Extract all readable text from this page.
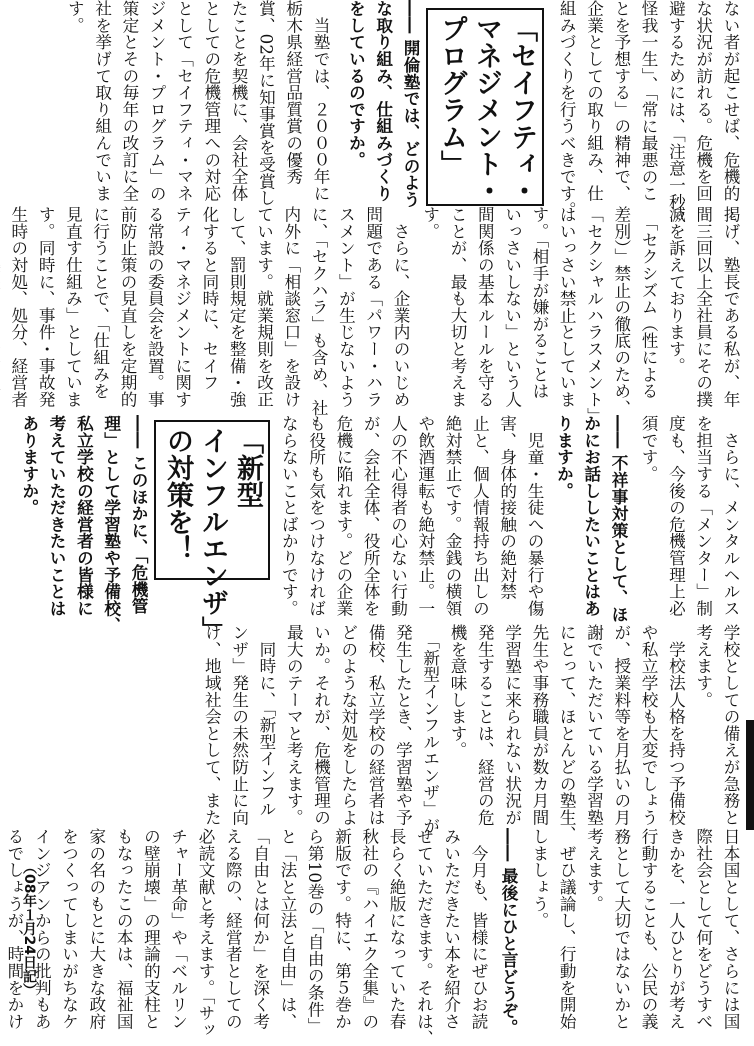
ない者が起こせば、危機的
な状況が訪れる。危機を回
避するためには、「注意一秒、
怪我一生」、「常に最悪のこ
とを予想する」の精神で、
企業としての取り組み、仕
組みづくりを行うべきです。
「セイフティ・
マネジメント・
プログラム」
―― 開倫塾では、どのよう
な取り組み、仕組みづくり
をしているのですか。
　当塾では、２０００年に
栃木県経営品質賞の優秀
賞、02年に知事賞を受賞し
たことを契機に、会社全体
としての危機管理への対応
として「セイフティ・マネ
ジメント・プログラム」の
策定とその毎年の改訂に全
社を挙げて取り組んでいま
す。
掲げ、塾長である私が、年
間三回以上全社員にその撲
滅を訴えております。
　「セクシズム（性による
差別）」禁止の徹底のため、
「セクシャルハラスメント」
はいっさい禁止としていま
す。「相手が嫌がることは
いっさいしない」という人
間関係の基本ルールを守る
ことが、最も大切と考えま
す。
　さらに、企業内のいじめ
問題である「パワー・ハラ
スメント」が生じないよう
に、「セクハラ」も含め、社
内外に「相談窓口」を設け
ています。就業規則を改正
して、罰則規定を整備・強
化すると同時に、セイフ
ティ・マネジメントに関す
る常設の委員会を設置。事
前防止策の見直しを定期的
に行うことで、「仕組みを
見直す仕組み」としていま
す。同時に、事件・事故発
生時の対処、処分、経営者

　さらに、メンタルヘルス
を担当する「メンター」制
度も、今後の危機管理上必
須です。
―― 不祥事対策として、ほ
かにお話ししたいことはあ
りますか。
　児童・生徒への暴行や傷
害、身体的接触の絶対禁
止と、個人情報持ち出しの
絶対禁止です。金銭の横領
や飲酒運転も絶対禁止。一
人の不心得者の心ない行動
が、会社全体、役所全体を
危機に陥れます。どの企業
も役所も気をつけなければ
ならないことばかりです。
「新型
インフルエンザ」
の対策を！
―― このほかに、「危機管
理」として学習塾や予備校、
私立学校の経営者の皆様に
考えていただきたいことは
ありますか。
学校としての備えが急務と
考えます。
　学校法人格を持つ予備校
や私立学校も大変でしょう
が、授業料等を月払いの月
謝でいただいている学習塾
にとって、ほとんどの塾生、
先生や事務職員が数カ月間
学習塾に来られない状況が
発生することは、経営の危
機を意味します。
　「新型インフルエンザ」が
発生したとき、学習塾や予
備校、私立学校の経営者は
どのような対処をしたらよ
いか。それが、危機管理の
最大のテーマと考えます。
　同時に、「新型インフル
ンザ」発生の未然防止に向
け、地域社会として、また
日本国として、さらには国
際社会として何をどうすべ
きかを、一人ひとりが考え
行動することも、公民の義
務として大切ではないかと
考えます。
　ぜひ議論し、行動を開始
しましょう。
―― 最後にひと言どうぞ。
　今月も、皆様にぜひお読
みいただきたい本を紹介さ
せていただきます。それは、
長らく絶版になっていた春
秋社の『ハイエク全集』の
新版です。特に、第５巻か
ら第10巻の「自由の条件」
と「法と立法と自由」は、
「自由とは何か」を深く考
える際の、経営者としての
必読文献と考えます。「サッ
チャー革命」や「ベルリン
の壁崩壊」の理論的支柱と
もなったこの本は、福祉国
家の名のもとに大きな政府
をつくってしまいがちなケ
インジアンからの批判もあ
るでしょうが、時間をかけ

（08年１月24日記）
